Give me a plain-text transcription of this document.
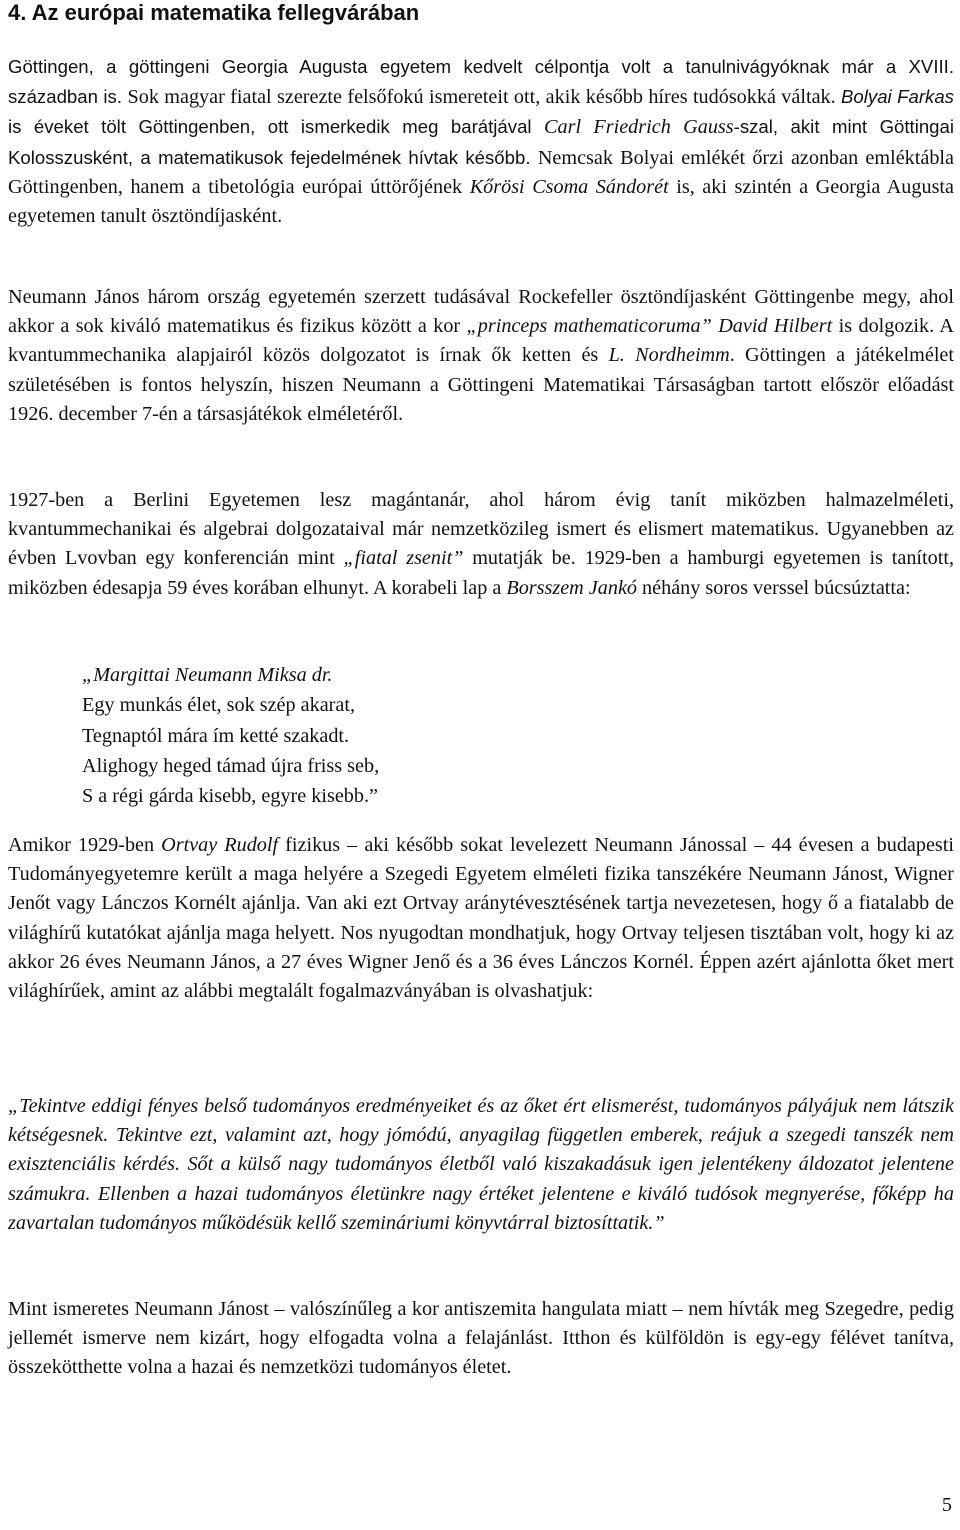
4. Az európai matematika fellegvárában

Göttingen, a göttingeni Georgia Augusta egyetem kedvelt célpontja volt a tanulnivágyóknak már a XVIII. században is. Sok magyar fiatal szerezte felsőfokú ismereteit ott, akik később híres tudósokká váltak. Bolyai Farkas is éveket tölt Göttingenben, ott ismerkedik meg barátjával Carl Friedrich Gauss-szal, akit mint Göttingai Kolosszusként, a matematikusok fejedelmének hívtak később. Nemcsak Bolyai emlékét őrzi azonban emléktábla Göttingenben, hanem a tibetológia európai úttörőjének Kőrösi Csoma Sándorét is, aki szintén a Georgia Augusta egyetemen tanult ösztöndíjasként.

Neumann János három ország egyetemén szerzett tudásával Rockefeller ösztöndíjasként Göttingenbe megy, ahol akkor a sok kiváló matematikus és fizikus között a kor „princeps mathematicoruma” David Hilbert is dolgozik. A kvantummechanika alapjairól közös dolgozatot is írnak ők ketten és L. Nordheimm. Göttingen a játékelmélet születésében is fontos helyszín, hiszen Neumann a Göttingeni Matematikai Társaságban tartott először előadást 1926. december 7-én a társasjátékok elméletéről.

1927-ben a Berlini Egyetemen lesz magántanár, ahol három évig tanít miközben halmazelméleti, kvantummechanikai és algebrai dolgozataival már nemzetközileg ismert és elismert matematikus. Ugyanebben az évben Lvovban egy konferencián mint „fiatal zsenit” mutatják be. 1929-ben a hamburgi egyetemen is tanított, miközben édesapja 59 éves korában elhunyt. A korabeli lap a Borsszem Jankó néhány soros verssel búcsúztatta:

„Margittai Neumann Miksa dr.
Egy munkás élet, sok szép akarat,
Tegnaptól mára ím ketté szakadt.
Alighogy heged támad újra friss seb,
S a régi gárda kisebb, egyre kisebb.”

Amikor 1929-ben Ortvay Rudolf fizikus – aki később sokat levelezett Neumann Jánossal – 44 évesen a budapesti Tudományegyetemre került a maga helyére a Szegedi Egyetem elméleti fizika tanszékére Neumann Jánost, Wigner Jenőt vagy Lánczos Kornélt ajánlja. Van aki ezt Ortvay aránytévesztésének tartja nevezetesen, hogy ő a fiatalabb de világhírű kutatókat ajánlja maga helyett. Nos nyugodtan mondhatjuk, hogy Ortvay teljesen tisztában volt, hogy ki az akkor 26 éves Neumann János, a 27 éves Wigner Jenő és a 36 éves Lánczos Kornél. Éppen azért ajánlotta őket mert világhírűek, amint az alábbi megtalált fogalmazványában is olvashatjuk:

„Tekintve eddigi fényes belső tudományos eredményeiket és az őket ért elismerést, tudományos pályájuk nem látszik kétségesnek. Tekintve ezt, valamint azt, hogy jómódú, anyagilag független emberek, reájuk a szegedi tanszék nem exisztenciális kérdés. Sőt a külső nagy tudományos életből való kiszakadásuk igen jelentékeny áldozatot jelentene számukra. Ellenben a hazai tudományos életünkre nagy értéket jelentene e kiváló tudósok megnyerése, főképp ha zavartalan tudományos működésük kellő szemináriumi könyvtárral biztosíttatik.”

Mint ismeretes Neumann Jánost – valószínűleg a kor antiszemita hangulata miatt – nem hívták meg Szegedre, pedig jellemét ismerve nem kizárt, hogy elfogadta volna a felajánlást. Itthon és külföldön is egy-egy félévet tanítva, összekötthette volna a hazai és nemzetközi tudományos életet.

5
